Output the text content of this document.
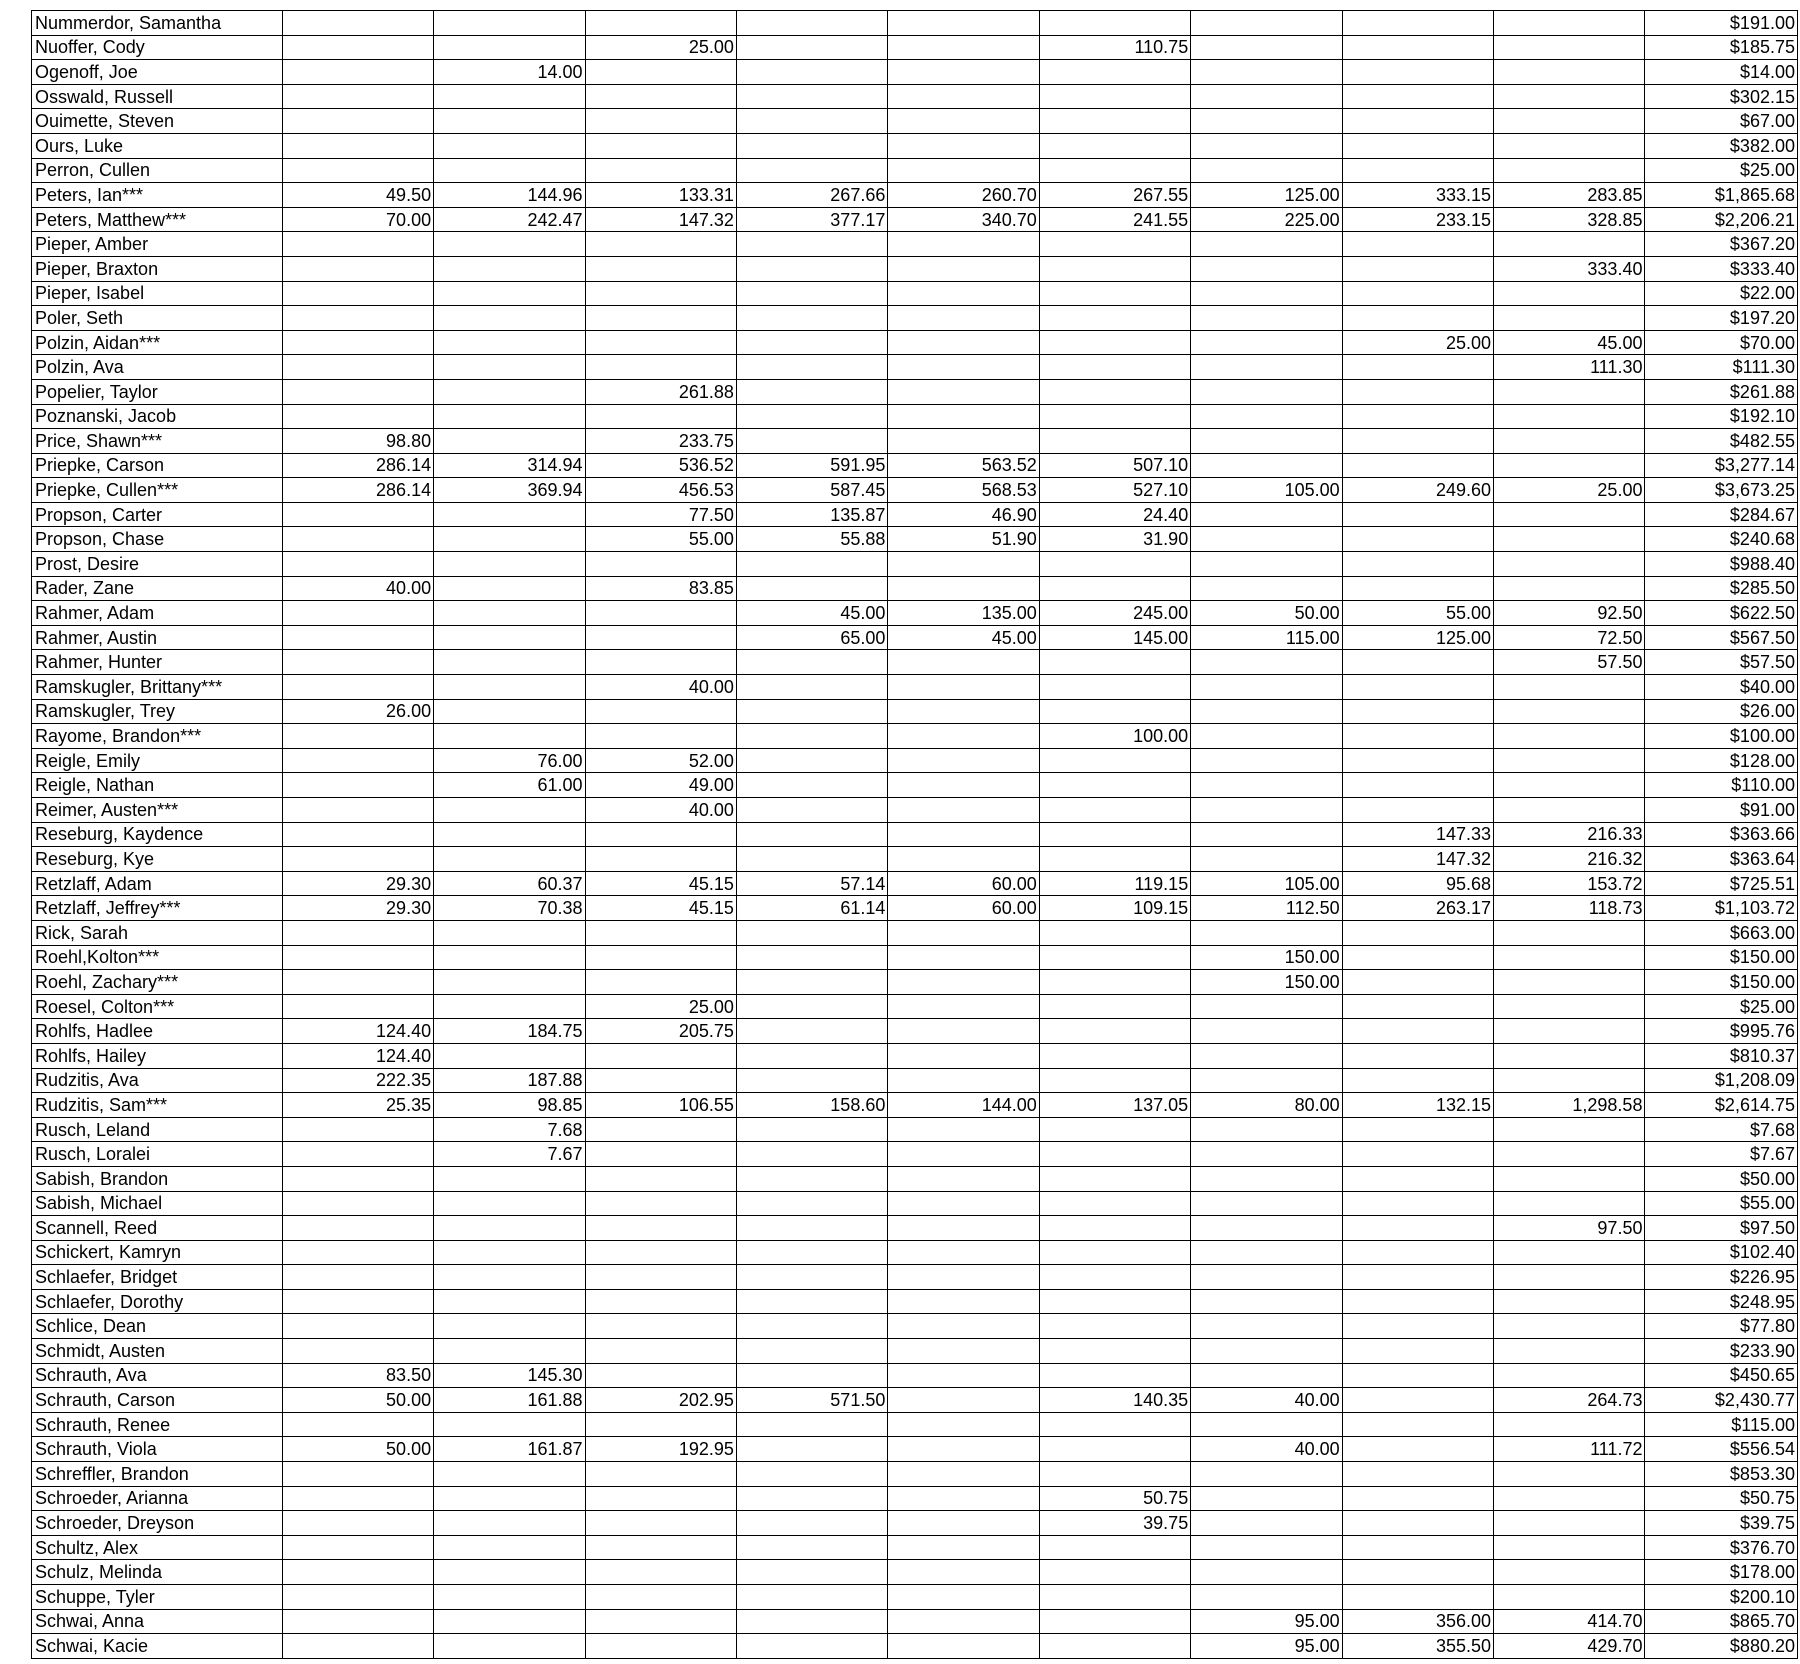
Nummerdor, Samantha										$191.00
Nuoffer, Cody			25.00			110.75				$185.75
Ogenoff, Joe		14.00								$14.00
Osswald, Russell										$302.15
Ouimette, Steven										$67.00
Ours, Luke										$382.00
Perron, Cullen										$25.00
Peters, Ian***	49.50	144.96	133.31	267.66	260.70	267.55	125.00	333.15	283.85	$1,865.68
Peters, Matthew***	70.00	242.47	147.32	377.17	340.70	241.55	225.00	233.15	328.85	$2,206.21
Pieper, Amber										$367.20
Pieper, Braxton									333.40	$333.40
Pieper, Isabel										$22.00
Poler, Seth										$197.20
Polzin, Aidan***								25.00	45.00	$70.00
Polzin, Ava									111.30	$111.30
Popelier, Taylor			261.88							$261.88
Poznanski, Jacob										$192.10
Price, Shawn***	98.80		233.75							$482.55
Priepke, Carson	286.14	314.94	536.52	591.95	563.52	507.10				$3,277.14
Priepke, Cullen***	286.14	369.94	456.53	587.45	568.53	527.10	105.00	249.60	25.00	$3,673.25
Propson, Carter			77.50	135.87	46.90	24.40				$284.67
Propson, Chase			55.00	55.88	51.90	31.90				$240.68
Prost, Desire										$988.40
Rader, Zane	40.00		83.85							$285.50
Rahmer, Adam				45.00	135.00	245.00	50.00	55.00	92.50	$622.50
Rahmer, Austin				65.00	45.00	145.00	115.00	125.00	72.50	$567.50
Rahmer, Hunter									57.50	$57.50
Ramskugler, Brittany***			40.00							$40.00
Ramskugler, Trey	26.00									$26.00
Rayome, Brandon***						100.00				$100.00
Reigle, Emily		76.00	52.00							$128.00
Reigle, Nathan		61.00	49.00							$110.00
Reimer, Austen***			40.00							$91.00
Reseburg, Kaydence								147.33	216.33	$363.66
Reseburg, Kye								147.32	216.32	$363.64
Retzlaff, Adam	29.30	60.37	45.15	57.14	60.00	119.15	105.00	95.68	153.72	$725.51
Retzlaff, Jeffrey***	29.30	70.38	45.15	61.14	60.00	109.15	112.50	263.17	118.73	$1,103.72
Rick, Sarah										$663.00
Roehl,Kolton***							150.00			$150.00
Roehl, Zachary***							150.00			$150.00
Roesel, Colton***			25.00							$25.00
Rohlfs, Hadlee	124.40	184.75	205.75							$995.76
Rohlfs, Hailey	124.40									$810.37
Rudzitis, Ava	222.35	187.88								$1,208.09
Rudzitis, Sam***	25.35	98.85	106.55	158.60	144.00	137.05	80.00	132.15	1,298.58	$2,614.75
Rusch, Leland		7.68								$7.68
Rusch, Loralei		7.67								$7.67
Sabish, Brandon										$50.00
Sabish, Michael										$55.00
Scannell, Reed									97.50	$97.50
Schickert, Kamryn										$102.40
Schlaefer, Bridget										$226.95
Schlaefer, Dorothy										$248.95
Schlice, Dean										$77.80
Schmidt, Austen										$233.90
Schrauth, Ava	83.50	145.30								$450.65
Schrauth, Carson	50.00	161.88	202.95	571.50		140.35	40.00		264.73	$2,430.77
Schrauth, Renee										$115.00
Schrauth, Viola	50.00	161.87	192.95				40.00		111.72	$556.54
Schreffler, Brandon										$853.30
Schroeder, Arianna						50.75				$50.75
Schroeder, Dreyson						39.75				$39.75
Schultz, Alex										$376.70
Schulz, Melinda										$178.00
Schuppe, Tyler										$200.10
Schwai, Anna							95.00	356.00	414.70	$865.70
Schwai, Kacie							95.00	355.50	429.70	$880.20
